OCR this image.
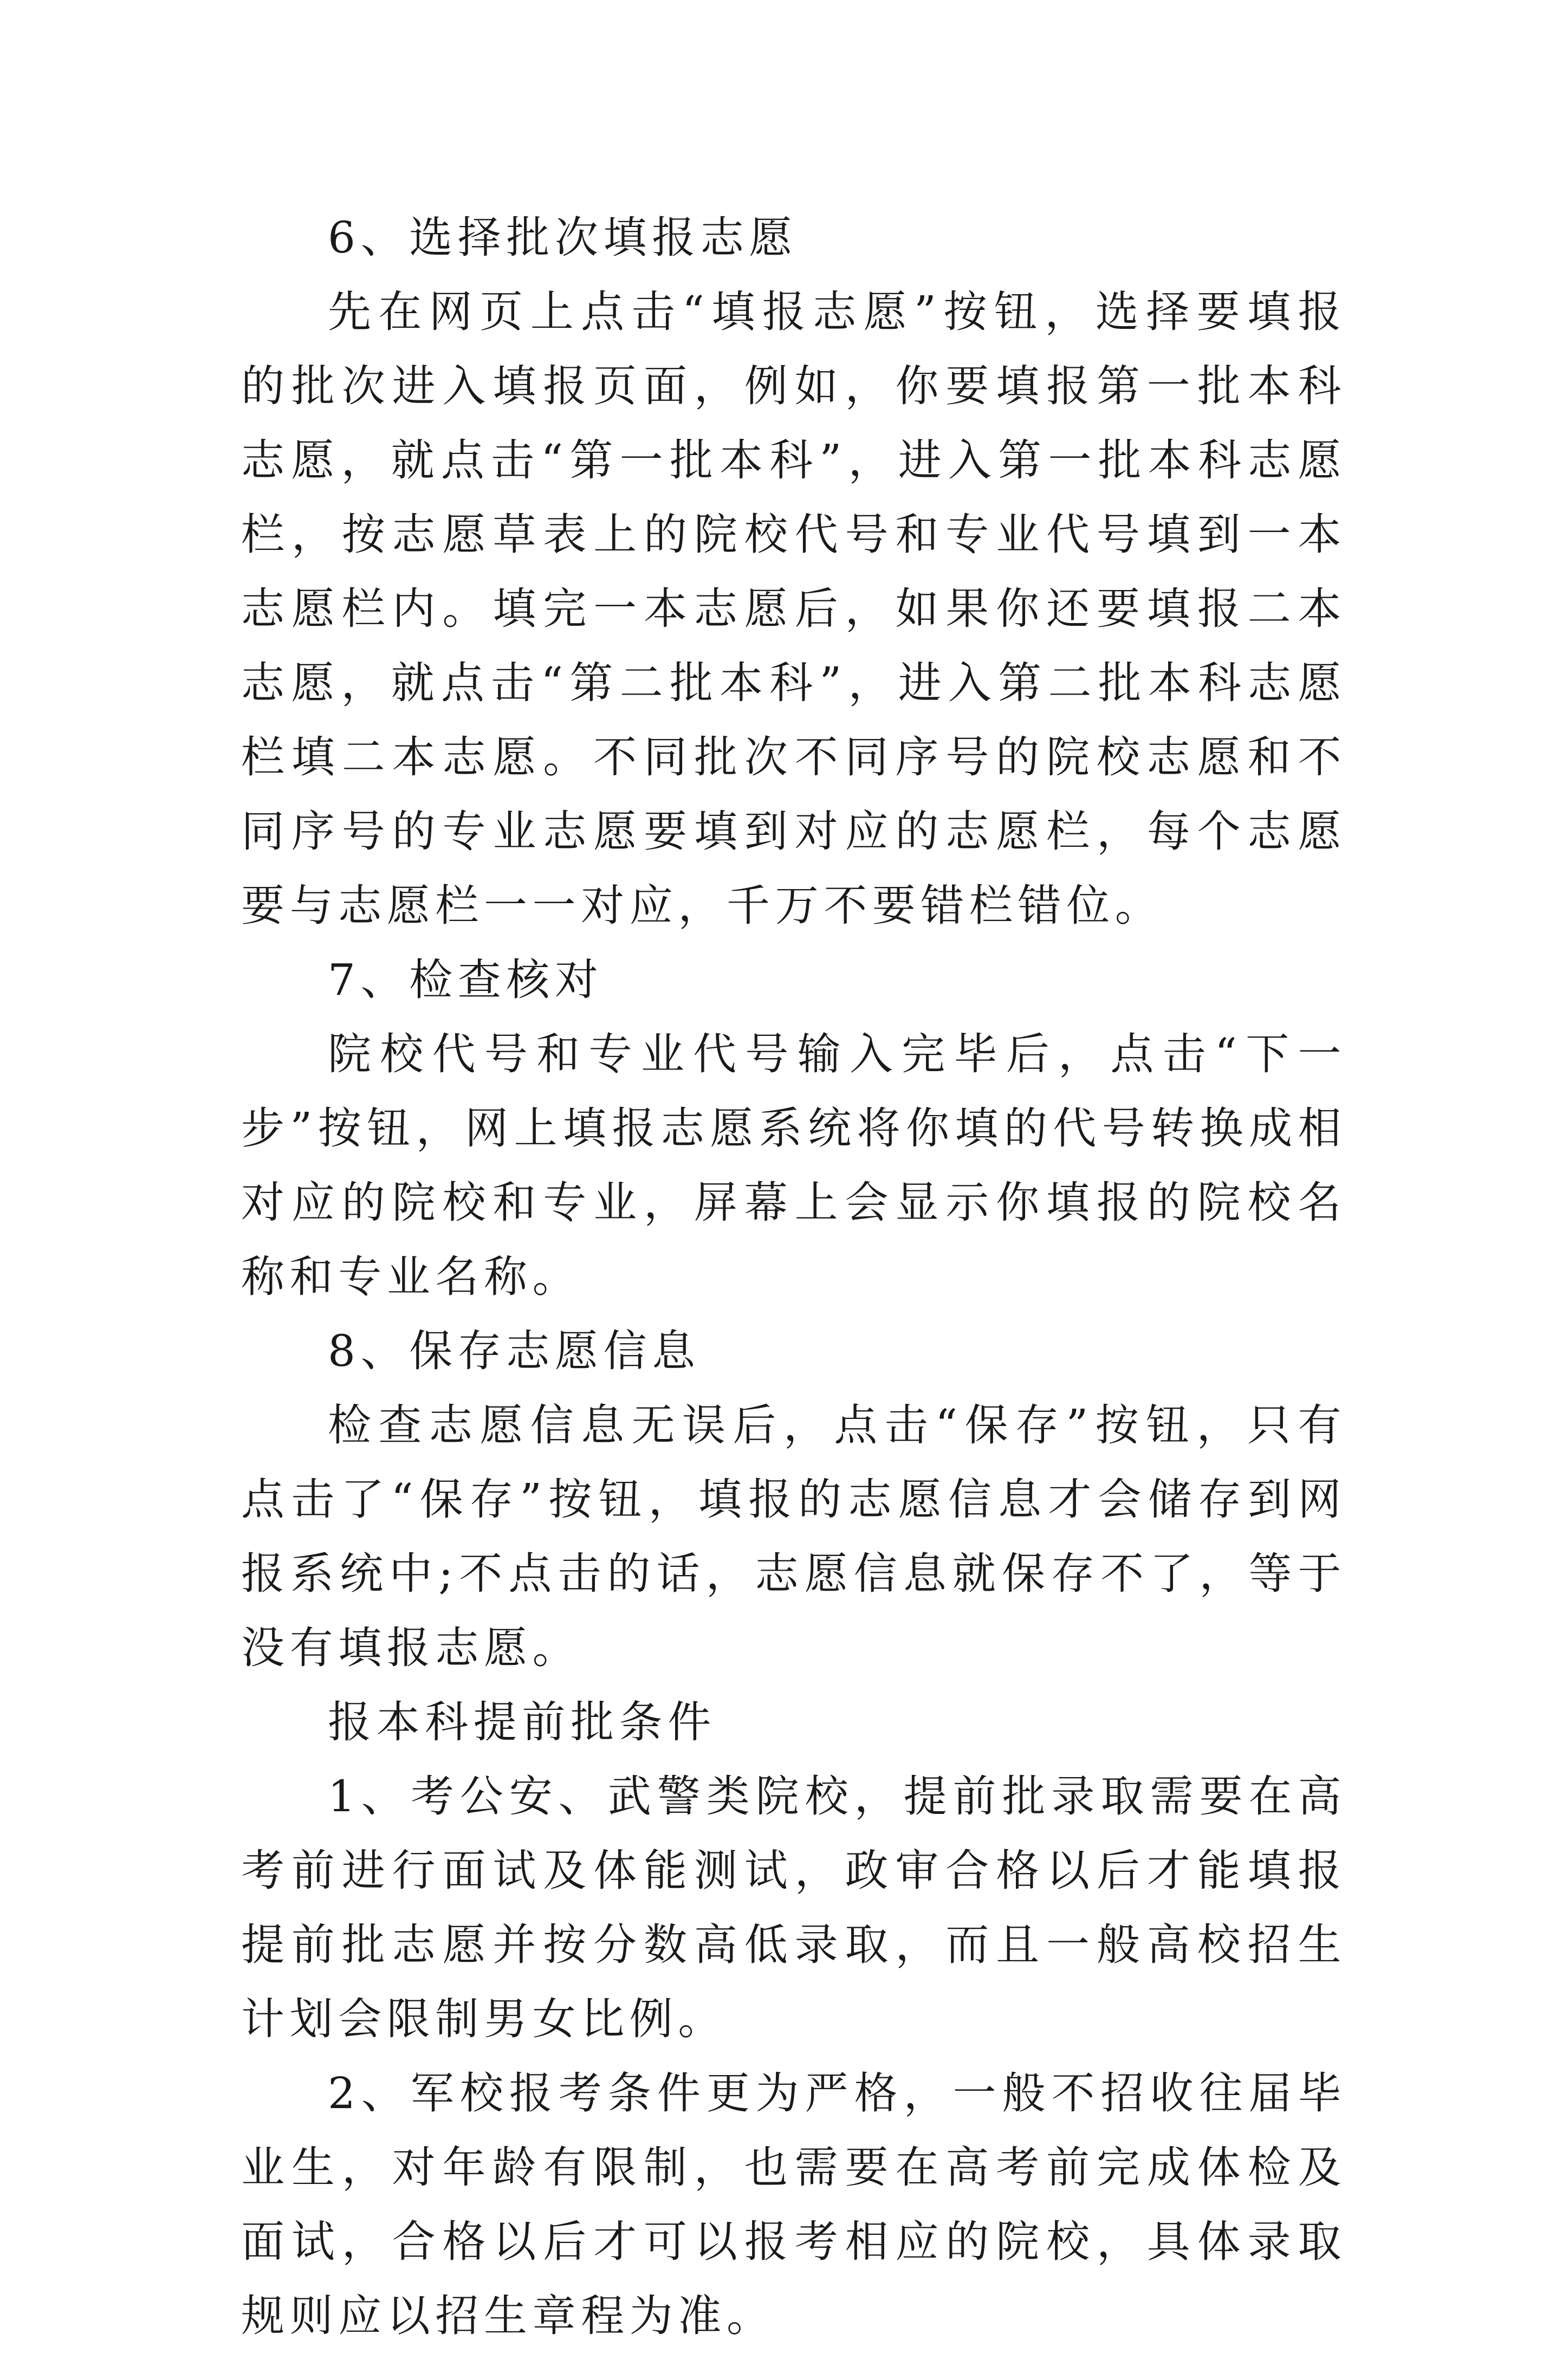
6、选择批次填报志愿

先在网页上点击“填报志愿”按钮，选择要填报的批次进入填报页面，例如，你要填报第一批本科志愿，就点击“第一批本科”，进入第一批本科志愿栏，按志愿草表上的院校代号和专业代号填到一本志愿栏内。填完一本志愿后，如果你还要填报二本志愿，就点击“第二批本科”，进入第二批本科志愿栏填二本志愿。不同批次不同序号的院校志愿和不同序号的专业志愿要填到对应的志愿栏，每个志愿要与志愿栏一一对应，千万不要错栏错位。

7、检查核对

院校代号和专业代号输入完毕后，点击“下一步”按钮，网上填报志愿系统将你填的代号转换成相对应的院校和专业，屏幕上会显示你填报的院校名称和专业名称。

8、保存志愿信息

检查志愿信息无误后，点击“保存”按钮，只有点击了“保存”按钮，填报的志愿信息才会储存到网报系统中;不点击的话，志愿信息就保存不了，等于没有填报志愿。

报本科提前批条件

1、考公安、武警类院校，提前批录取需要在高考前进行面试及体能测试，政审合格以后才能填报提前批志愿并按分数高低录取，而且一般高校招生计划会限制男女比例。

2、军校报考条件更为严格，一般不招收往届毕业生，对年龄有限制，也需要在高考前完成体检及面试，合格以后才可以报考相应的院校，具体录取规则应以招生章程为准。
